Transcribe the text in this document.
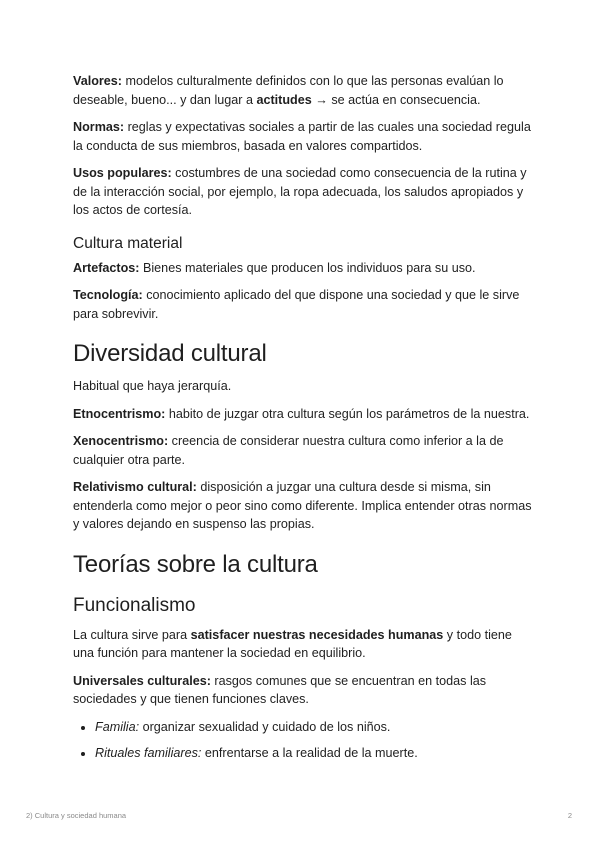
Valores: modelos culturalmente definidos con lo que las personas evalúan lo deseable, bueno... y dan lugar a actitudes → se actúa en consecuencia.

Normas: reglas y expectativas sociales a partir de las cuales una sociedad regula la conducta de sus miembros, basada en valores compartidos.

Usos populares: costumbres de una sociedad como consecuencia de la rutina y de la interacción social, por ejemplo, la ropa adecuada, los saludos apropiados y los actos de cortesía.

Cultura material

Artefactos: Bienes materiales que producen los individuos para su uso.

Tecnología: conocimiento aplicado del que dispone una sociedad y que le sirve para sobrevivir.

Diversidad cultural

Habitual que haya jerarquía.

Etnocentrismo: habito de juzgar otra cultura según los parámetros de la nuestra.

Xenocentrismo: creencia de considerar nuestra cultura como inferior a la de cualquier otra parte.

Relativismo cultural: disposición a juzgar una cultura desde si misma, sin entenderla como mejor o peor sino como diferente. Implica entender otras normas y valores dejando en suspenso las propias.

Teorías sobre la cultura
Funcionalismo

La cultura sirve para satisfacer nuestras necesidades humanas y todo tiene una función para mantener la sociedad en equilibrio.

Universales culturales: rasgos comunes que se encuentran en todas las sociedades y que tienen funciones claves.

• Familia: organizar sexualidad y cuidado de los niños.
• Rituales familiares: enfrentarse a la realidad de la muerte.
2) Cultura y sociedad humana	2
